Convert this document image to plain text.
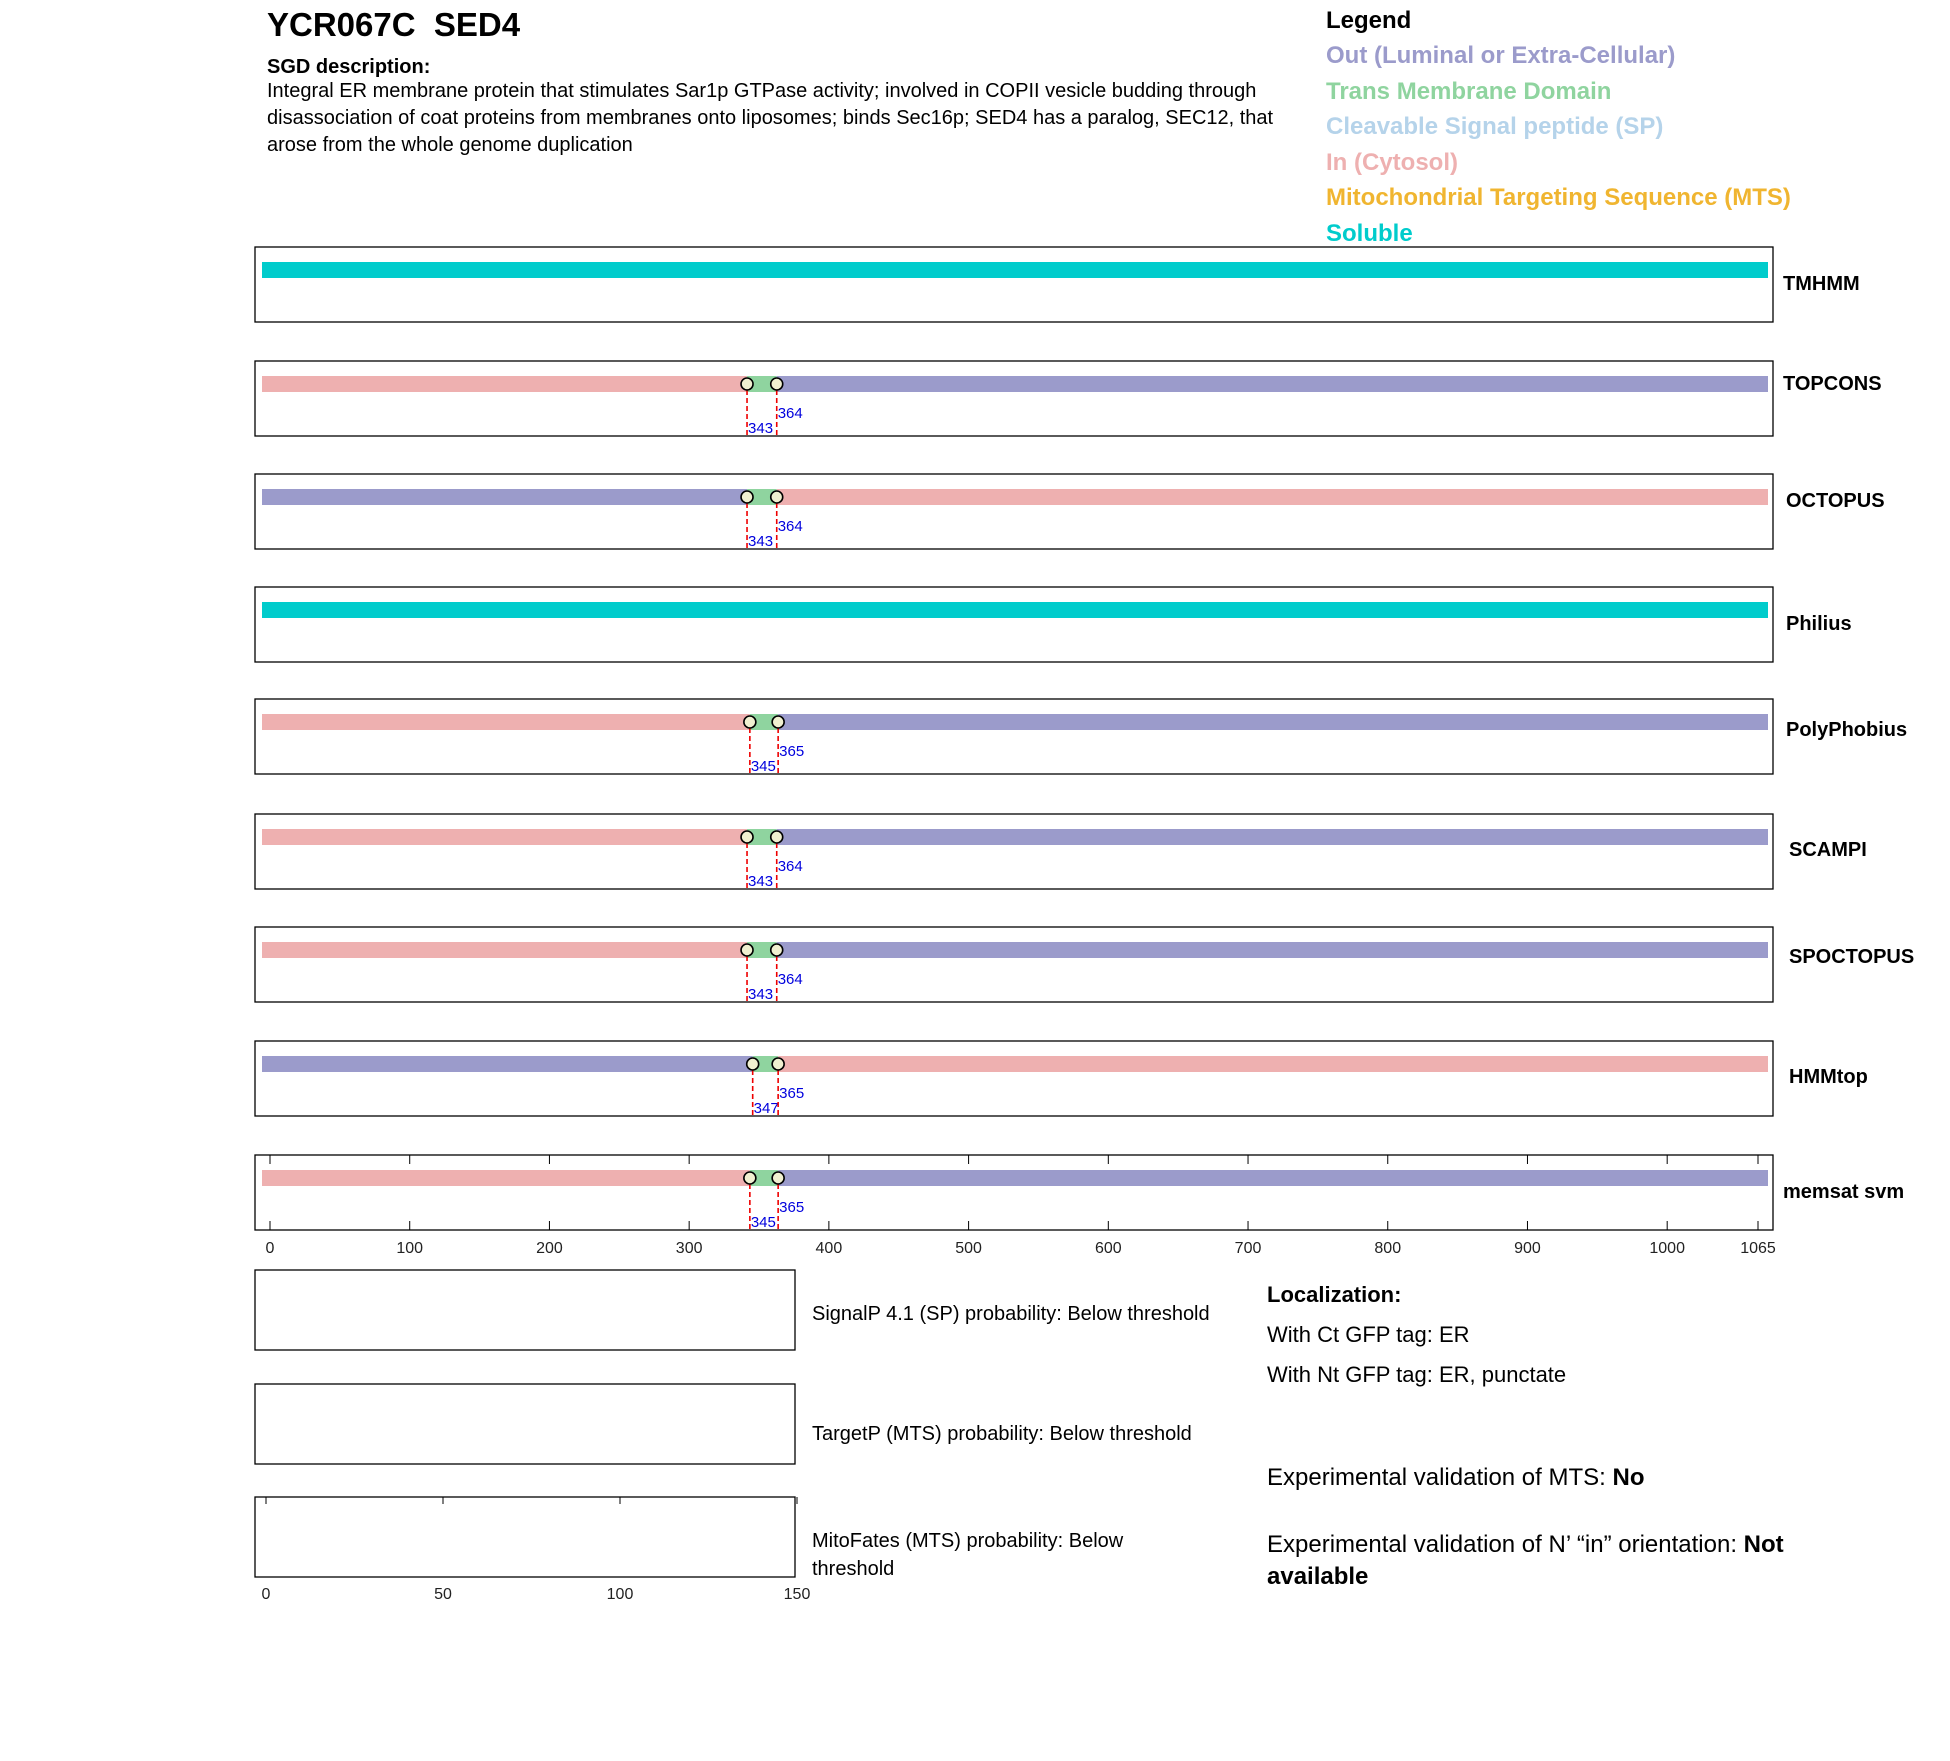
YCR067C  SED4
SGD description:
Integral ER membrane protein that stimulates Sar1p GTPase activity; involved in COPII vesicle budding through disassociation of coat proteins from membranes onto liposomes; binds Sec16p; SED4 has a paralog, SEC12, that arose from the whole genome duplication
Legend
Out (Luminal or Extra-Cellular)
Trans Membrane Domain
Cleavable Signal peptide (SP)
In (Cytosol)
Mitochondrial Targeting Sequence (MTS)
Soluble
TMHMM
343
364
TOPCONS
343
364
OCTOPUS
Philius
345
365
PolyPhobius
343
364
SCAMPI
343
364
SPOCTOPUS
347
365
HMMtop
345
365
memsat svm
0	100	200	300	400	500	600	700	800	900	1000	1065
0	50	100	150
Localization:
With Ct GFP tag: ER
With Nt GFP tag: ER, punctate
Experimental validation of MTS: No
Experimental validation of N’ “in” orientation: Not available
SignalP 4.1 (SP) probability: Below threshold
TargetP (MTS) probability: Below threshold
MitoFates (MTS) probability: Below threshold
